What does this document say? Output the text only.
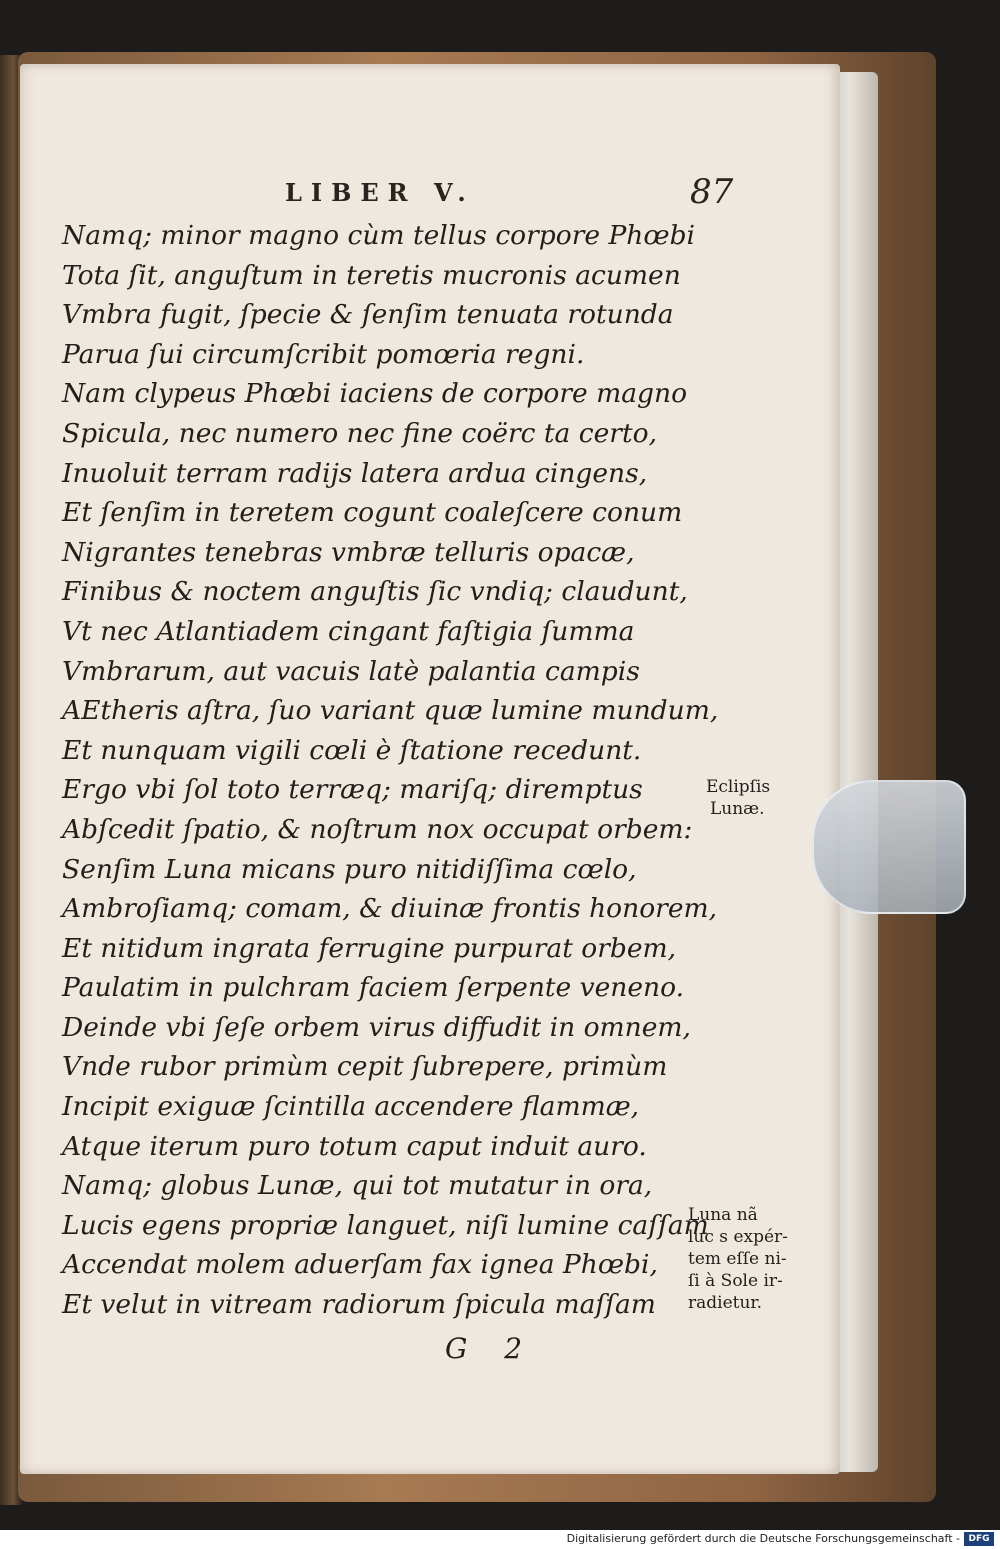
LIBER V.	87
Namq; minor magno cùm tellus corpore Phœbi
Tota ſit, anguſtum in teretis mucronis acumen
Vmbra fugit, ſpecie & ſenſim tenuata rotunda
Parua ſui circumſcribit pomœria regni.
Nam clypeus Phœbi iaciens de corpore magno
Spicula, nec numero nec fine coërc ta certo,
Inuoluit terram radijs latera ardua cingens,
Et ſenſim in teretem cogunt coaleſcere conum
Nigrantes tenebras vmbræ telluris opacæ,
Finibus & noctem anguſtis ſic vndiq; claudunt,
Vt nec Atlantiadem cingant faſtigia ſumma
Vmbrarum, aut vacuis latè palantia campis
AEtheris aſtra, ſuo variant quæ lumine mundum,
Et nunquam vigili cœli è ſtatione recedunt.
Ergo vbi ſol toto terræq; mariſq; diremptus
Abſcedit ſpatio, & noſtrum nox occupat orbem:
Senſim Luna micans puro nitidiſſima cœlo,
Ambroſiamq; comam, & diuinæ frontis honorem,
Et nitidum ingrata ferrugine purpurat orbem,
Paulatim in pulchram faciem ſerpente veneno.
Deinde vbi ſeſe orbem virus diffudit in omnem,
Vnde rubor primùm cepit ſubrepere, primùm
Incipit exiguæ ſcintilla accendere flammæ,
Atque iterum puro totum caput induit auro.
Namq; globus Lunæ, qui tot mutatur in ora,
Lucis egens propriæ languet, niſi lumine caſſam
Accendat molem aduerſam fax ignea Phœbi,
Et velut in vitream radiorum ſpicula maſſam
Eclipſis
Lunæ.
Luna nã
luc s expér-
tem eſſe ni-
ſi à Sole ir-
radietur.
G 2
Digitalisierung gefördert durch die Deutsche Forschungsgemeinschaft - DFG
